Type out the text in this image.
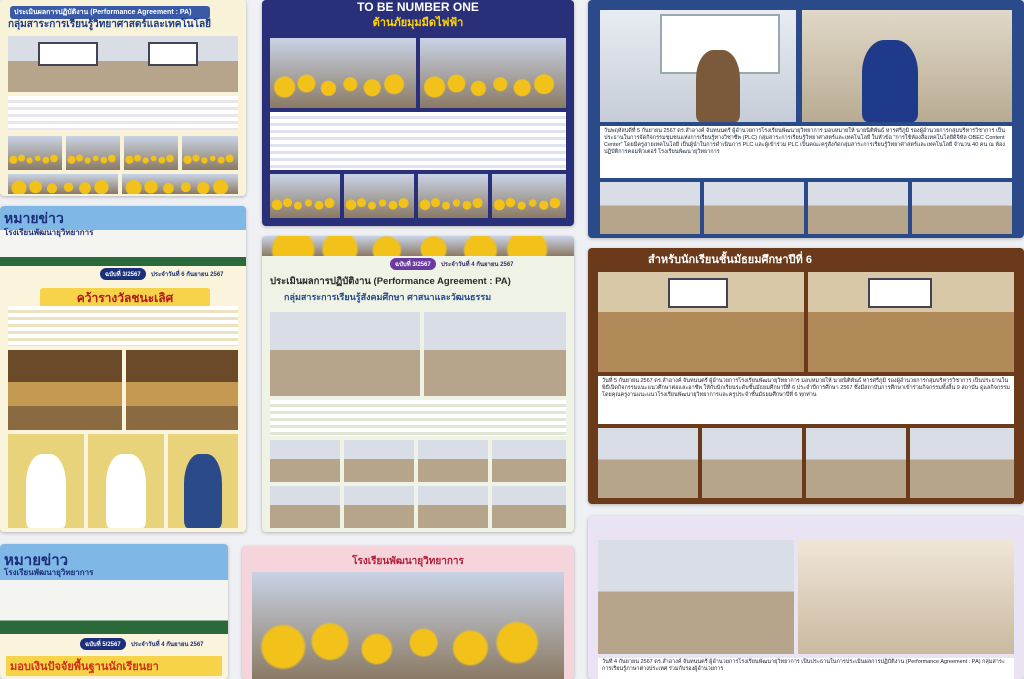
ประเมินผลการปฏิบัติงาน (Performance Agreement : PA)
กลุ่มสาระการเรียนรู้วิทยาศาสตร์และเทคโนโลยี
TO BE NUMBER ONE
ต้านภัยมุมมืดไฟฟ้า
วันพฤหัสบดีที่ 5 กันยายน 2567 ดร.สำอางค์ จันทนนตรี ผู้อำนวยการโรงเรียนพัฒนายุวิทยาการ มอบหมายให้ นายนิติพันธ์ หารศรีภูมิ รองผู้อำนวยการกลุ่มบริหารวิชาการ เป็นประธานในการจัดกิจกรรมชุมชนแห่งการเรียนรู้ทางวิชาชีพ (PLC) กลุ่มสาระการเรียนรู้วิทยาศาสตร์และเทคโนโลยี ในหัวข้อ "การใช้ห้องสื่อเทคโนโลยีดิจิทัล OBEC Content Center" โดยมีครูสายเทคโนโลยี เป็นผู้นำในการดำเนินการ PLC และผู้เข้าร่วม PLC เป็นคณะครูสังกัดกลุ่มสาระการเรียนรู้วิทยาศาสตร์และเทคโนโลยี จำนวน 40 คน ณ ห้องปฏิบัติการคอมพิวเตอร์ โรงเรียนพัฒนายุวิทยาการ
หมายข่าว
โรงเรียนพัฒนายุวิทยาการ
ฉบับที่ 3/2567	ประจำวันที่ 6 กันยายน 2567
คว้ารางวัลชนะเลิศ
ฉบับที่ 3/2567	ประจำวันที่ 4 กันยายน 2567
ประเมินผลการปฏิบัติงาน (Performance Agreement : PA)
กลุ่มสาระการเรียนรู้สังคมศึกษา ศาสนาและวัฒนธรรม
สำหรับนักเรียนชั้นมัธยมศึกษาปีที่ 6
วันที่ 5 กันยายน 2567 ดร.สำอางค์ จันทนนตรี ผู้อำนวยการโรงเรียนพัฒนายุวิทยาการ มอบหมายให้ นายนิติพันธ์ หารศรีภูมิ รองผู้อำนวยการกลุ่มบริหารวิชาการ เป็นประธานในพิธีเปิดกิจกรรมแนะแนวศึกษาต่อและอาชีพ ให้กับนักเรียนระดับชั้นมัธยมศึกษาปีที่ 6 ประจำปีการศึกษา 2567 ซึ่งมีสถาบันการศึกษาเข้าร่วมกิจกรรมทั้งสิ้น 9 สถาบัน ดูแลกิจกรรมโดยคุณครูงานแนะแนวโรงเรียนพัฒนายุวิทยาการและครูประจำชั้นมัธยมศึกษาปีที่ 6 ทุกท่าน
หมายข่าว
โรงเรียนพัฒนายุวิทยาการ
ฉบับที่ 5/2567	ประจำวันที่ 4 กันยายน 2567
มอบเงินปัจจัยพื้นฐานนักเรียนยา
โรงเรียนพัฒนายุวิทยาการ
วันที่ 4 กันยายน 2567 ดร.สำอางค์ จันทนนตรี ผู้อำนวยการโรงเรียนพัฒนายุวิทยาการ เป็นประธานในการประเมินผลการปฏิบัติงาน (Performance Agreement : PA) กลุ่มสาระการเรียนรู้ภาษาต่างประเทศ ร่วมกับรองผู้อำนวยการ
